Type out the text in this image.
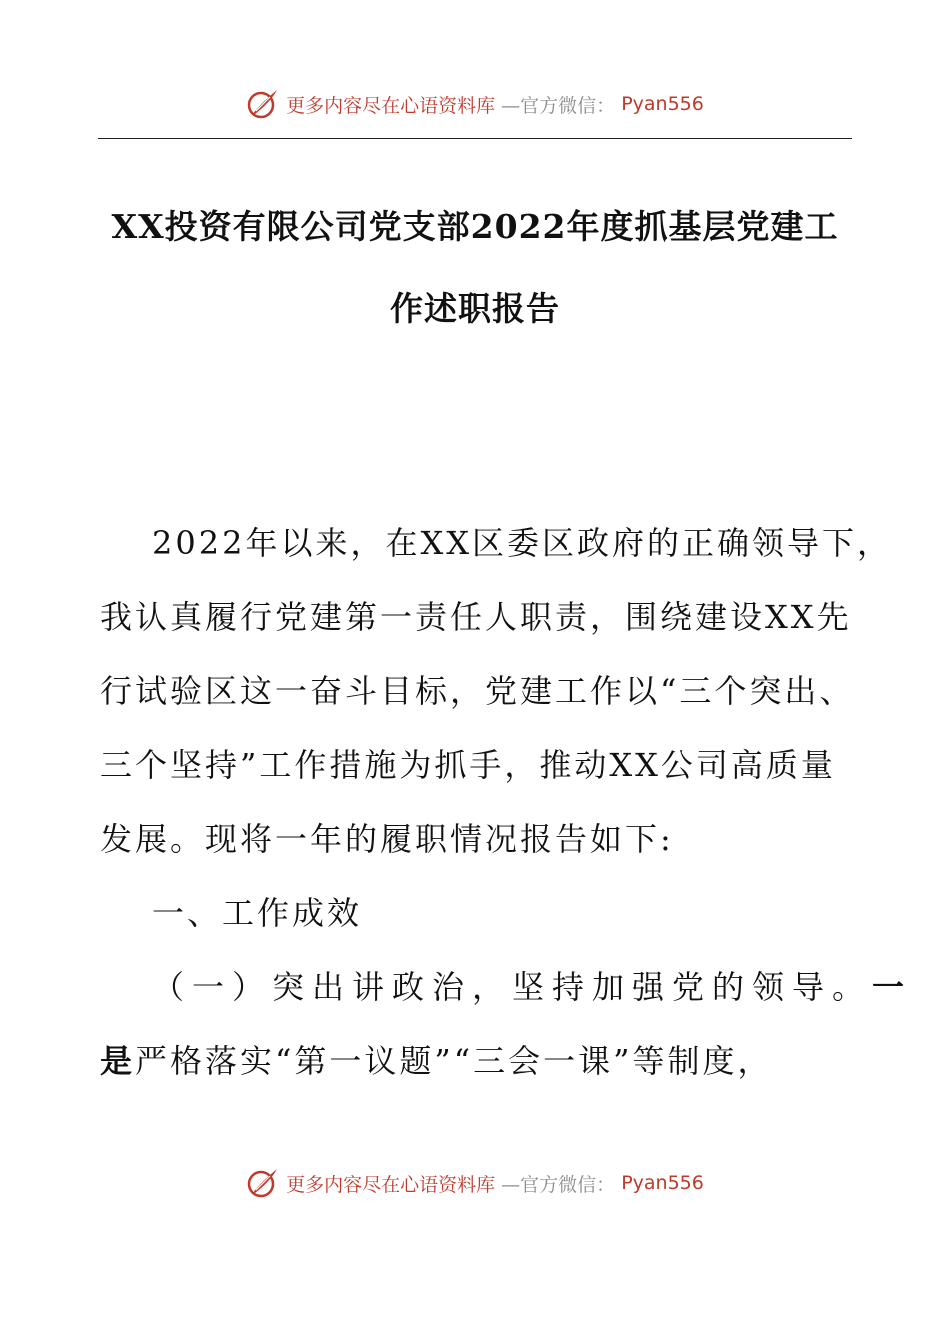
更多内容尽在心语资料库 —官方微信： Pyan556
XX投资有限公司党支部2022年度抓基层党建工
作述职报告
2022年以来，在XX区委区政府的正确领导下，
我认真履行党建第一责任人职责，围绕建设XX先
行试验区这一奋斗目标，党建工作以“三个突出、
三个坚持”工作措施为抓手，推动XX公司高质量
发展。现将一年的履职情况报告如下:
一、工作成效
（一）突出讲政治，坚持加强党的领导。一
是严格落实“第一议题”“三会一课”等制度，
更多内容尽在心语资料库 —官方微信： Pyan556
